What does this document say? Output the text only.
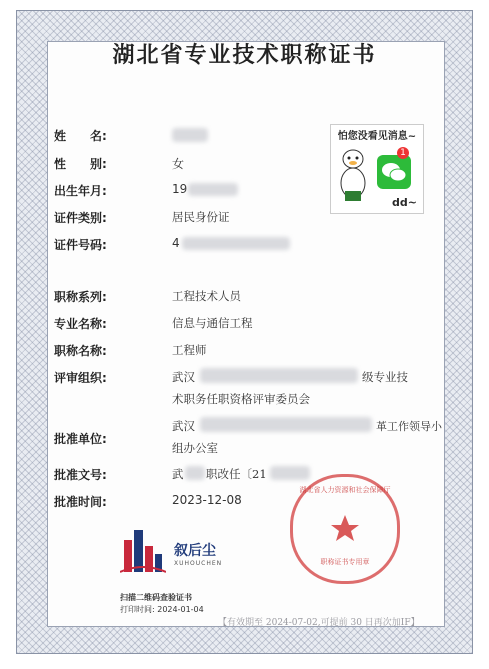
湖北省专业技术职称证书
姓　　名:
性　　别:	女
出生年月:	19
证件类别:	居民身份证
证件号码:	4
职称系列:	工程技术人员
专业名称:	信息与通信工程
职称名称:	工程师
评审组织:	武汉	级专业技
术职务任职资格评审委员会
批准单位:
武汉	革工作领导小
组办公室
批准文号:	武 职改任〔21
批准时间:	2023-12-08
怕您没看见消息~
1
dd~
湖北省人力资源和社会保障厅
职称证书专用章
叙后尘
XUHOUCHEN
扫描二维码查验证书
打印时间: 2024-01-04
【有效期至 2024-07-02,可提前 30 日再次加IF】
